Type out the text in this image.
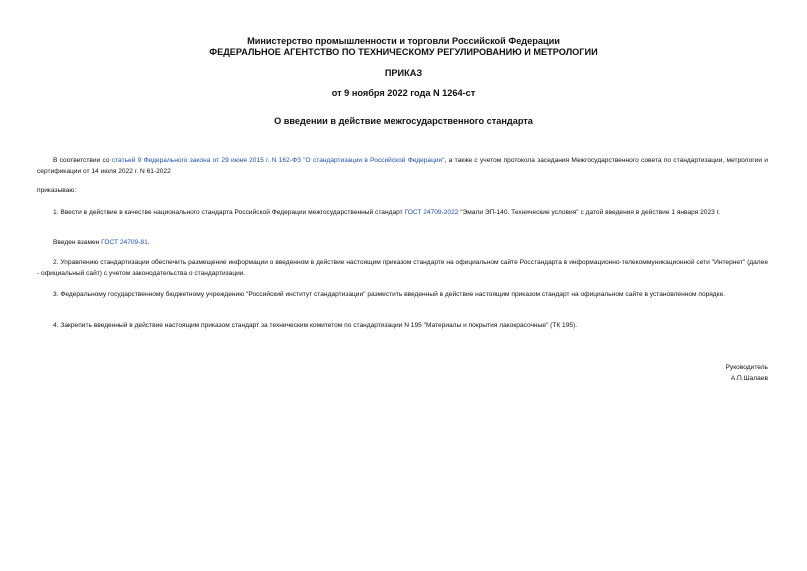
Министерство промышленности и торговли Российской Федерации
ФЕДЕРАЛЬНОЕ АГЕНТСТВО ПО ТЕХНИЧЕСКОМУ РЕГУЛИРОВАНИЮ И МЕТРОЛОГИИ
ПРИКАЗ
от 9 ноября 2022 года N 1264-ст
О введении в действие межгосударственного стандарта

В соответствии со статьей 9 Федерального закона от 29 июня 2015 г. N 162-ФЗ "О стандартизации в Российской Федерации", а также с учетом протокола заседания Межгосударственного совета по стандартизации, метрологии и сертификации от 14 июля 2022 г. N 61-2022

приказываю:

1. Ввести в действие в качестве национального стандарта Российской Федерации межгосударственный стандарт ГОСТ 24709-2022 "Эмали ЭП-140. Технические условия" с датой введения в действие 1 января 2023 г.

Введен взамен ГОСТ 24709-81.

2. Управлению стандартизации обеспечить размещение информации о введенном в действие настоящим приказом стандарте на официальном сайте Росстандарта в информационно-телекоммуникационной сети "Интернет" (далее - официальный сайт) с учетом законодательства о стандартизации.

3. Федеральному государственному бюджетному учреждению "Российский институт стандартизации" разместить введенный в действие настоящим приказом стандарт на официальном сайте в установленном порядке.

4. Закрепить введенный в действие настоящим приказом стандарт за техническим комитетом по стандартизации N 195 "Материалы и покрытия лакокрасочные" (ТК 195).

Руководитель
А.П.Шалаев
